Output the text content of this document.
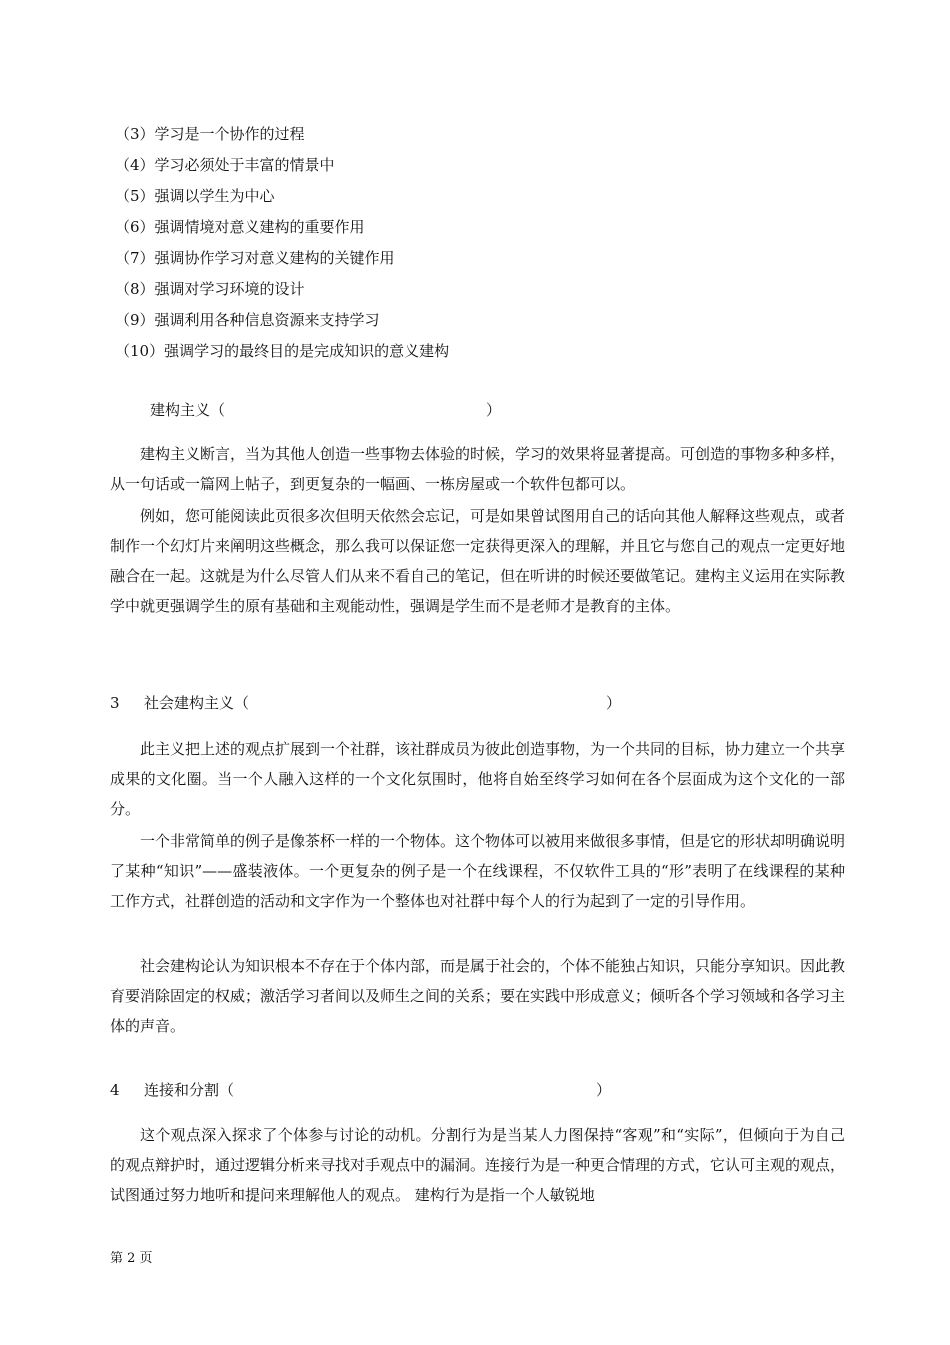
（3）学习是一个协作的过程
（4）学习必须处于丰富的情景中
（5）强调以学生为中心
（6）强调情境对意义建构的重要作用
（7）强调协作学习对意义建构的关键作用
（8）强调对学习环境的设计
（9）强调利用各种信息资源来支持学习
（10）强调学习的最终目的是完成知识的意义建构
建构主义（	）

建构主义断言，当为其他人创造一些事物去体验的时候，学习的效果将显著提高。可创造的事物多种多样，从一句话或一篇网上帖子，到更复杂的一幅画、一栋房屋或一个软件包都可以。

例如，您可能阅读此页很多次但明天依然会忘记，可是如果曾试图用自己的话向其他人解释这些观点，或者制作一个幻灯片来阐明这些概念，那么我可以保证您一定获得更深入的理解，并且它与您自己的观点一定更好地融合在一起。这就是为什么尽管人们从来不看自己的笔记，但在听讲的时候还要做笔记。建构主义运用在实际教学中就更强调学生的原有基础和主观能动性，强调是学生而不是老师才是教育的主体。

3 社会建构主义（	）

此主义把上述的观点扩展到一个社群，该社群成员为彼此创造事物，为一个共同的目标，协力建立一个共享成果的文化圈。当一个人融入这样的一个文化氛围时，他将自始至终学习如何在各个层面成为这个文化的一部分。

一个非常简单的例子是像茶杯一样的一个物体。这个物体可以被用来做很多事情，但是它的形状却明确说明了某种“知识”——盛装液体。一个更复杂的例子是一个在线课程，不仅软件工具的“形”表明了在线课程的某种工作方式，社群创造的活动和文字作为一个整体也对社群中每个人的行为起到了一定的引导作用。

社会建构论认为知识根本不存在于个体内部，而是属于社会的，个体不能独占知识，只能分享知识。因此教育要消除固定的权威；激活学习者间以及师生之间的关系；要在实践中形成意义；倾听各个学习领域和各学习主体的声音。

4 连接和分割（	）

这个观点深入探求了个体参与讨论的动机。分割行为是当某人力图保持“客观”和“实际”，但倾向于为自己的观点辩护时，通过逻辑分析来寻找对手观点中的漏洞。连接行为是一种更合情理的方式，它认可主观的观点，试图通过努力地听和提问来理解他人的观点。 建构行为是指一个人敏锐地

第 2 页
